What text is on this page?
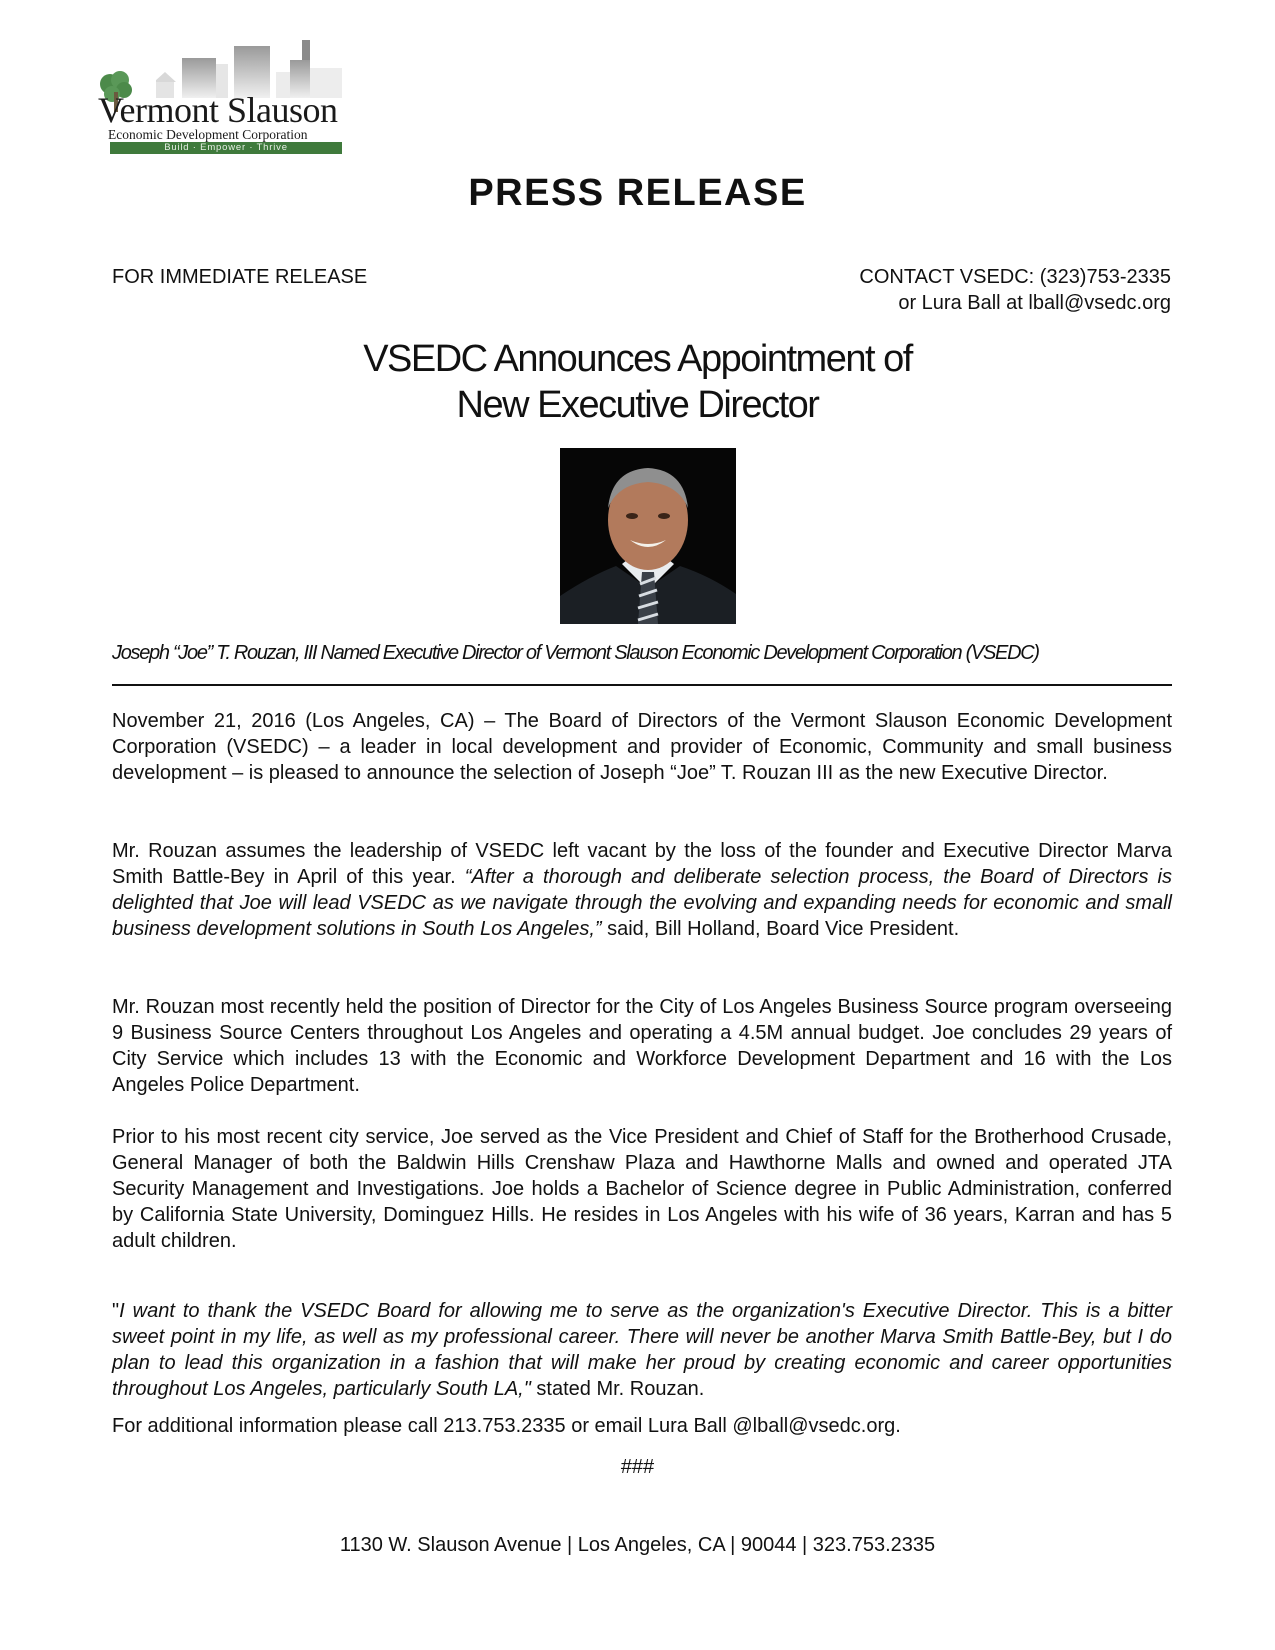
Vermont Slauson
Economic Development Corporation
Build · Empower · Thrive
PRESS RELEASE
FOR IMMEDIATE RELEASE	CONTACT VSEDC: (323)753-2335
or Lura Ball at lball@vsedc.org
VSEDC Announces Appointment of
New Executive Director
Joseph “Joe” T. Rouzan, III Named Executive Director of Vermont Slauson Economic Development Corporation (VSEDC)
November 21, 2016 (Los Angeles, CA) – The Board of Directors of the Vermont Slauson Economic Development Corporation (VSEDC) – a leader in local development and provider of Economic, Community and small business development – is pleased to announce the selection of Joseph “Joe” T. Rouzan III as the new Executive Director.
Mr. Rouzan assumes the leadership of VSEDC left vacant by the loss of the founder and Executive Director Marva Smith Battle-Bey in April of this year. “After a thorough and deliberate selection process, the Board of Directors is delighted that Joe will lead VSEDC as we navigate through the evolving and expanding needs for economic and small business development solutions in South Los Angeles,” said, Bill Holland, Board Vice President.
Mr. Rouzan most recently held the position of Director for the City of Los Angeles Business Source program overseeing 9 Business Source Centers throughout Los Angeles and operating a 4.5M annual budget. Joe concludes 29 years of City Service which includes 13 with the Economic and Workforce Development Department and 16 with the Los Angeles Police Department.
Prior to his most recent city service, Joe served as the Vice President and Chief of Staff for the Brotherhood Crusade, General Manager of both the Baldwin Hills Crenshaw Plaza and Hawthorne Malls and owned and operated JTA Security Management and Investigations. Joe holds a Bachelor of Science degree in Public Administration, conferred by California State University, Dominguez Hills. He resides in Los Angeles with his wife of 36 years, Karran and has 5 adult children.
"I want to thank the VSEDC Board for allowing me to serve as the organization's Executive Director. This is a bitter sweet point in my life, as well as my professional career. There will never be another Marva Smith Battle-Bey, but I do plan to lead this organization in a fashion that will make her proud by creating economic and career opportunities throughout Los Angeles, particularly South LA," stated Mr. Rouzan.
For additional information please call 213.753.2335 or email Lura Ball @lball@vsedc.org.
###
1130 W. Slauson Avenue | Los Angeles, CA | 90044 | 323.753.2335
